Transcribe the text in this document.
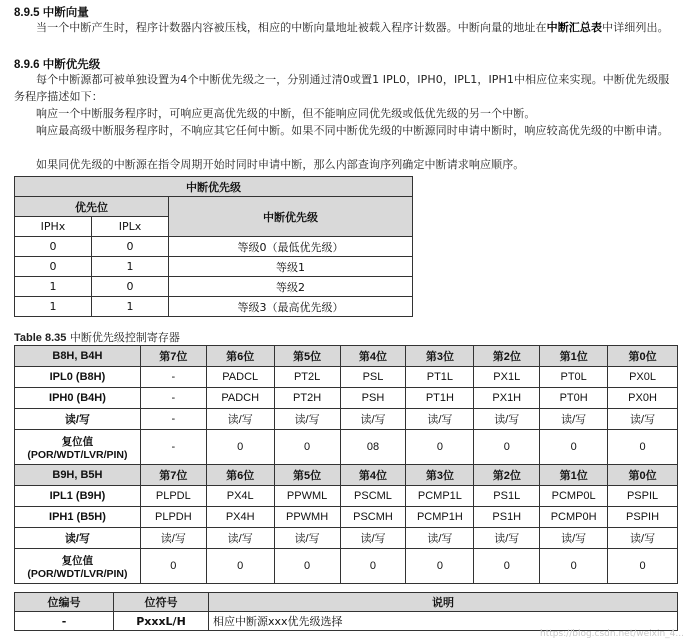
8.9.5 中断向量
当一个中断产生时，程序计数器内容被压栈，相应的中断向量地址被载入程序计数器。中断向量的地址在中断汇总表中详细列出。
8.9.6 中断优先级
每个中断源都可被单独设置为4个中断优先级之一，分别通过清0或置1 IPL0，IPH0，IPL1，IPH1中相应位来实现。中断优先级服务程序描述如下：
响应一个中断服务程序时，可响应更高优先级的中断，但不能响应同优先级或低优先级的另一个中断。
响应最高级中断服务程序时，不响应其它任何中断。如果不同中断优先级的中断源同时申请中断时，响应较高优先级的中断申请。
如果同优先级的中断源在指令周期开始时同时申请中断，那么内部查询序列确定中断请求响应顺序。
中断优先级		
优先位		中断优先级
IPHx	IPLx	
0	0	等级0（最低优先级）
0	1	等级1
1	0	等级2
1	1	等级3（最高优先级）
Table 8.35 中断优先级控制寄存器
B8H, B4H	第7位	第6位	第5位	第4位	第3位	第2位	第1位	第0位
IPL0 (B8H)	-	PADCL	PT2L	PSL	PT1L	PX1L	PT0L	PX0L
IPH0 (B4H)	-	PADCH	PT2H	PSH	PT1H	PX1H	PT0H	PX0H
读/写	-	读/写	读/写	读/写	读/写	读/写	读/写	读/写

复位值
(POR/WDT/LVR/PIN)	-	0	0	08	0	0	0	0
B9H, B5H	第7位	第6位	第5位	第4位	第3位	第2位	第1位	第0位
IPL1 (B9H)	PLPDL	PX4L	PPWML	PSCML	PCMP1L	PS1L	PCMP0L	PSPIL
IPH1 (B5H)	PLPDH	PX4H	PPWMH	PSCMH	PCMP1H	PS1H	PCMP0H	PSPIH
读/写	读/写	读/写	读/写	读/写	读/写	读/写	读/写	读/写

复位值
(POR/WDT/LVR/PIN)	0	0	0	0	0	0	0	0
位编号	位符号	说明
-	PxxxL/H	相应中断源xxx优先级选择
https://blog.csdn.net/weixin_4...
